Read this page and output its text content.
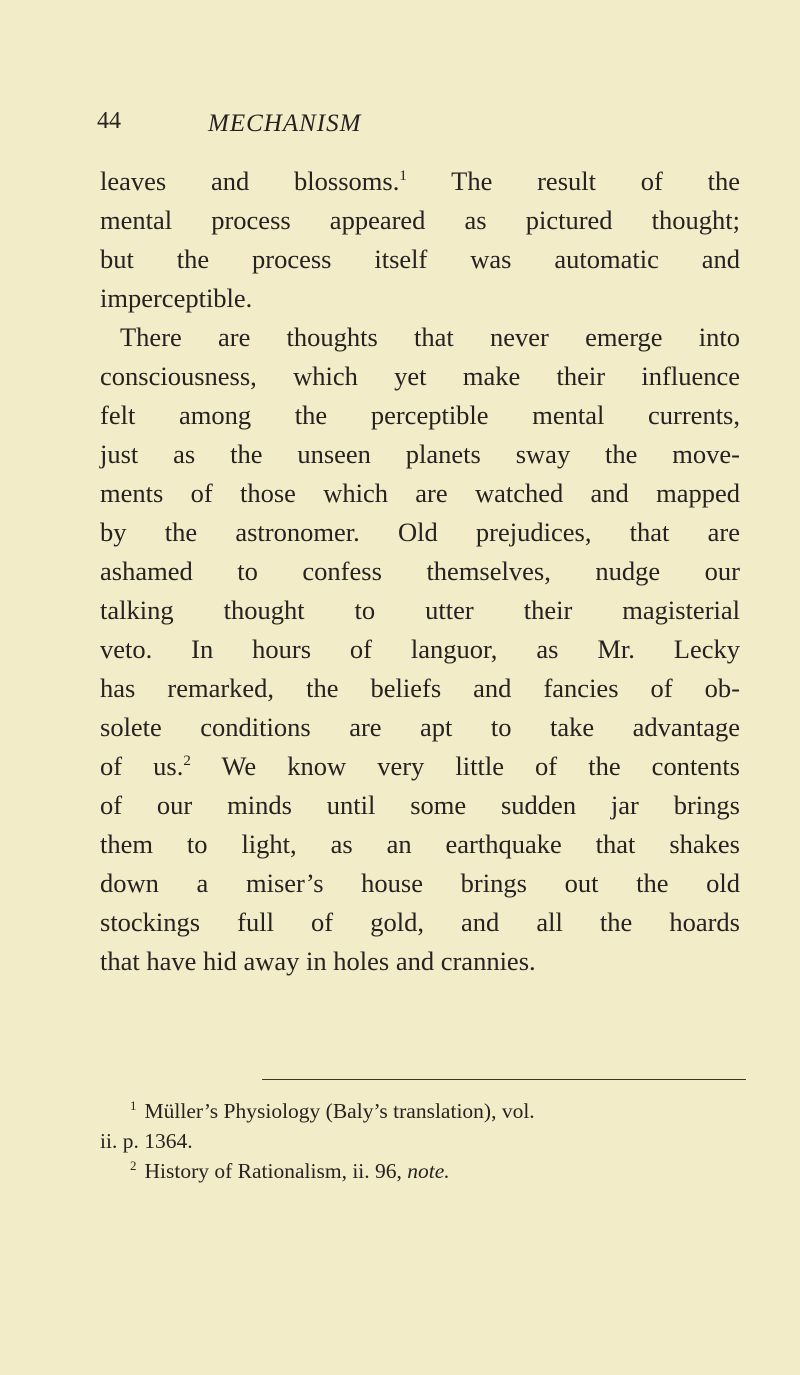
44	MECHANISM
leaves and blossoms.$^1$ The result of the
mental process appeared as pictured thought;
but the process itself was automatic and
imperceptible.
There are thoughts that never emerge into
consciousness, which yet make their influence
felt among the perceptible mental currents,
just as the unseen planets sway the move-
ments of those which are watched and mapped
by the astronomer. Old prejudices, that are
ashamed to confess themselves, nudge our
talking thought to utter their magisterial
veto. In hours of languor, as Mr. Lecky
has remarked, the beliefs and fancies of ob-
solete conditions are apt to take advantage
of us.$^2$ We know very little of the contents
of our minds until some sudden jar brings
them to light, as an earthquake that shakes
down a miser’s house brings out the old
stockings full of gold, and all the hoards
that have hid away in holes and crannies.
$^1$ Müller’s Physiology (Baly’s translation), vol.
ii. p. 1364.
$^2$ History of Rationalism, ii. 96, note.
